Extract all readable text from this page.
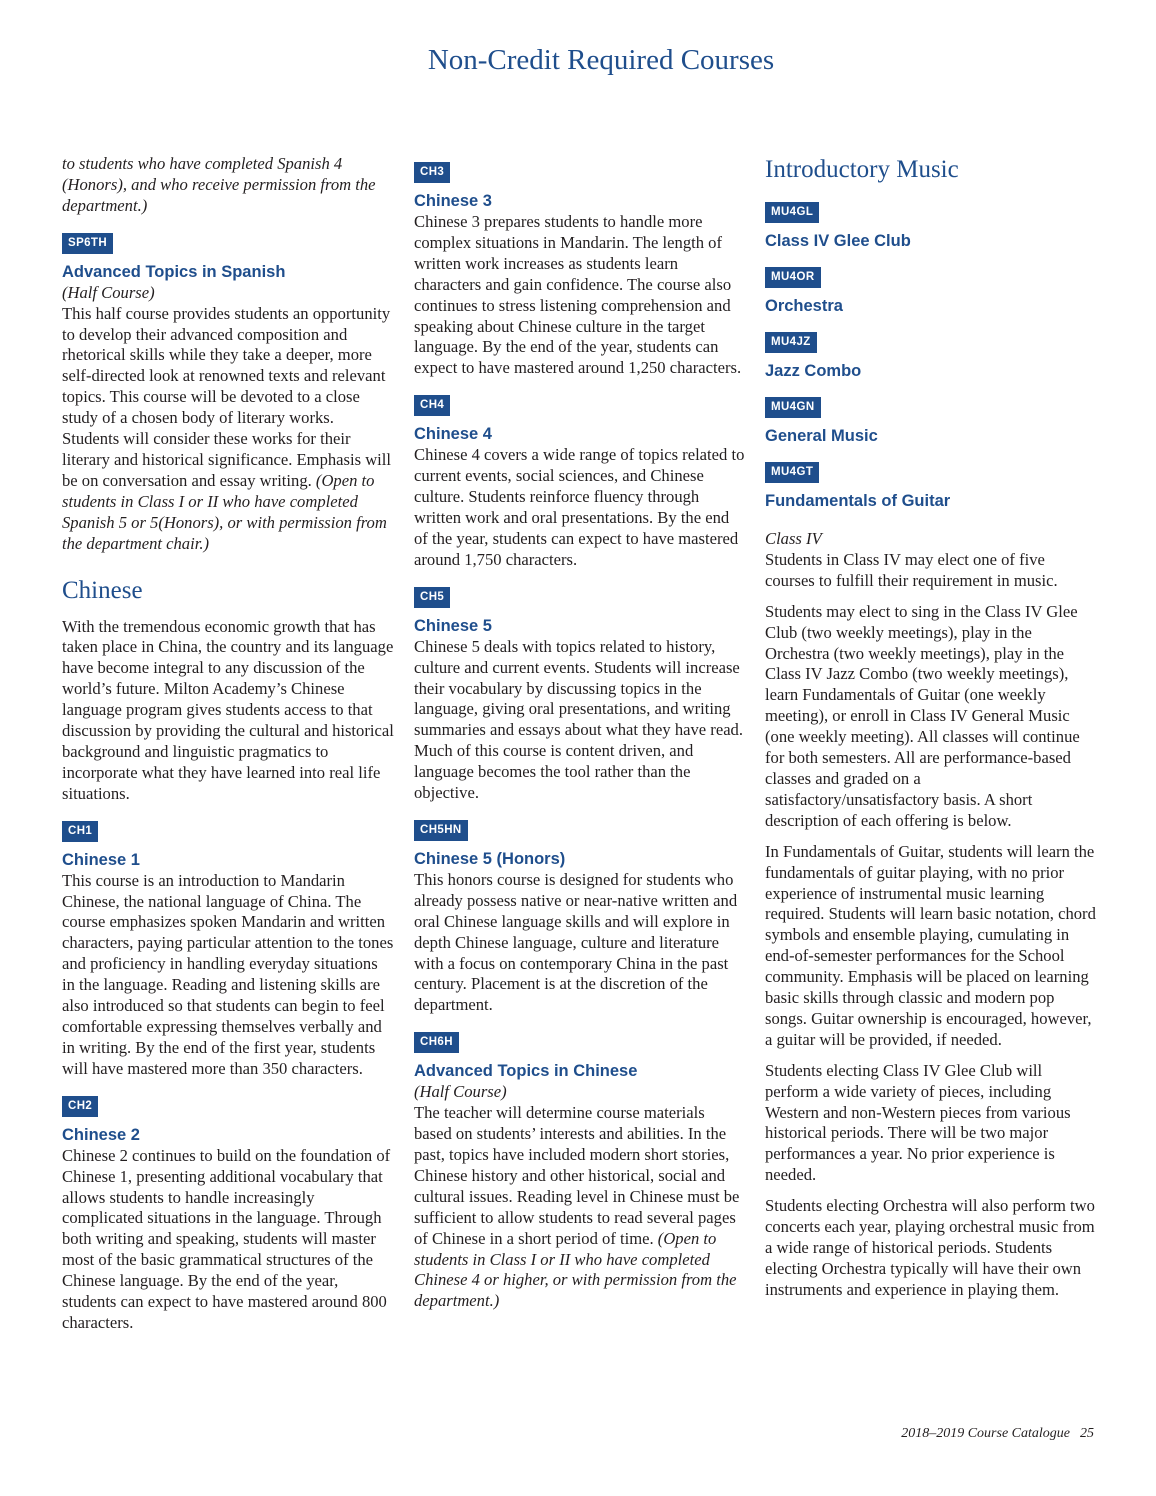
Non-Credit Required Courses

to students who have completed Spanish 4 (Honors), and who receive permission from the department.)

SP6TH
Advanced Topics in Spanish

(Half Course)

This half course provides students an opportunity to develop their advanced composition and rhetorical skills while they take a deeper, more self-directed look at renowned texts and relevant topics. This course will be devoted to a close study of a chosen body of literary works. Students will consider these works for their literary and historical significance. Emphasis will be on conversation and essay writing. (Open to students in Class I or II who have completed Spanish 5 or 5(Honors), or with permission from the department chair.)

Chinese

With the tremendous economic growth that has taken place in China, the country and its language have become integral to any discussion of the world’s future. Milton Academy’s Chinese language program gives students access to that discussion by providing the cultural and historical background and linguistic pragmatics to incorporate what they have learned into real life situations.

CH1
Chinese 1

This course is an introduction to Mandarin Chinese, the national language of China. The course emphasizes spoken Mandarin and written characters, paying particular attention to the tones and proficiency in handling everyday situations in the language. Reading and listening skills are also introduced so that students can begin to feel comfortable expressing themselves verbally and in writing. By the end of the first year, students will have mastered more than 350 characters.

CH2
Chinese 2

Chinese 2 continues to build on the foundation of Chinese 1, presenting additional vocabulary that allows students to handle increasingly complicated situations in the language. Through both writing and speaking, students will master most of the basic grammatical structures of the Chinese language. By the end of the year, students can expect to have mastered around 800 characters.

CH3
Chinese 3

Chinese 3 prepares students to handle more complex situations in Mandarin. The length of written work increases as students learn characters and gain confidence. The course also continues to stress listening comprehension and speaking about Chinese culture in the target language. By the end of the year, students can expect to have mastered around 1,250 characters.

CH4
Chinese 4

Chinese 4 covers a wide range of topics related to current events, social sciences, and Chinese culture. Students reinforce fluency through written work and oral presentations. By the end of the year, students can expect to have mastered around 1,750 characters.

CH5
Chinese 5

Chinese 5 deals with topics related to history, culture and current events. Students will increase their vocabulary by discussing topics in the language, giving oral presentations, and writing summaries and essays about what they have read. Much of this course is content driven, and language becomes the tool rather than the objective.

CH5HN
Chinese 5 (Honors)

This honors course is designed for students who already possess native or near-native written and oral Chinese language skills and will explore in depth Chinese language, culture and literature with a focus on contemporary China in the past century. Placement is at the discretion of the department.

CH6H
Advanced Topics in Chinese

(Half Course)

The teacher will determine course materials based on students’ interests and abilities. In the past, topics have included modern short stories, Chinese history and other historical, social and cultural issues. Reading level in Chinese must be sufficient to allow students to read several pages of Chinese in a short period of time. (Open to students in Class I or II who have completed Chinese 4 or higher, or with permission from the department.)

Introductory Music
MU4GL
Class IV Glee Club
MU4OR
Orchestra
MU4JZ
Jazz Combo
MU4GN
General Music
MU4GT
Fundamentals of Guitar

Class IV

Students in Class IV may elect one of five courses to fulfill their requirement in music.

Students may elect to sing in the Class IV Glee Club (two weekly meetings), play in the Orchestra (two weekly meetings), play in the Class IV Jazz Combo (two weekly meetings), learn Fundamentals of Guitar (one weekly meeting), or enroll in Class IV General Music (one weekly meeting). All classes will continue for both semesters. All are performance-based classes and graded on a satisfactory/unsatisfactory basis. A short description of each offering is below.

In Fundamentals of Guitar, students will learn the fundamentals of guitar playing, with no prior experience of instrumental music learning required. Students will learn basic notation, chord symbols and ensemble playing, cumulating in end-of-semester performances for the School community. Emphasis will be placed on learning basic skills through classic and modern pop songs. Guitar ownership is encouraged, however, a guitar will be provided, if needed.

Students electing Class IV Glee Club will perform a wide variety of pieces, including Western and non-Western pieces from various historical periods. There will be two major performances a year. No prior experience is needed.

Students electing Orchestra will also perform two concerts each year, playing orchestral music from a wide range of historical periods. Students electing Orchestra typically will have their own instruments and experience in playing them.

2018–2019 Course Catalogue 25
